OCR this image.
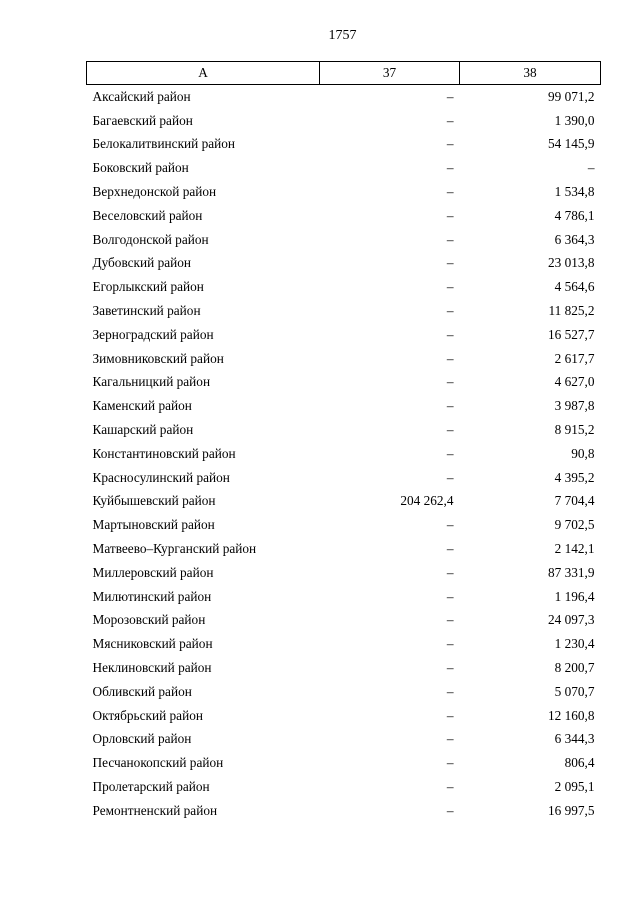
1757
А	37	38
Аксайский район	–	99 071,2
Багаевский район	–	1 390,0
Белокалитвинский район	–	54 145,9
Боковский район	–	–
Верхнедонской район	–	1 534,8
Веселовский район	–	4 786,1
Волгодонской район	–	6 364,3
Дубовский район	–	23 013,8
Егорлыкский район	–	4 564,6
Заветинский район	–	11 825,2
Зерноградский район	–	16 527,7
Зимовниковский район	–	2 617,7
Кагальницкий район	–	4 627,0
Каменский район	–	3 987,8
Кашарский район	–	8 915,2
Константиновский район	–	90,8
Красносулинский район	–	4 395,2
Куйбышевский район	204 262,4	7 704,4
Мартыновский район	–	9 702,5
Матвеево–Курганский район	–	2 142,1
Миллеровский район	–	87 331,9
Милютинский район	–	1 196,4
Морозовский район	–	24 097,3
Мясниковский район	–	1 230,4
Неклиновский район	–	8 200,7
Обливский район	–	5 070,7
Октябрьский район	–	12 160,8
Орловский район	–	6 344,3
Песчанокопский район	–	806,4
Пролетарский район	–	2 095,1
Ремонтненский район	–	16 997,5
